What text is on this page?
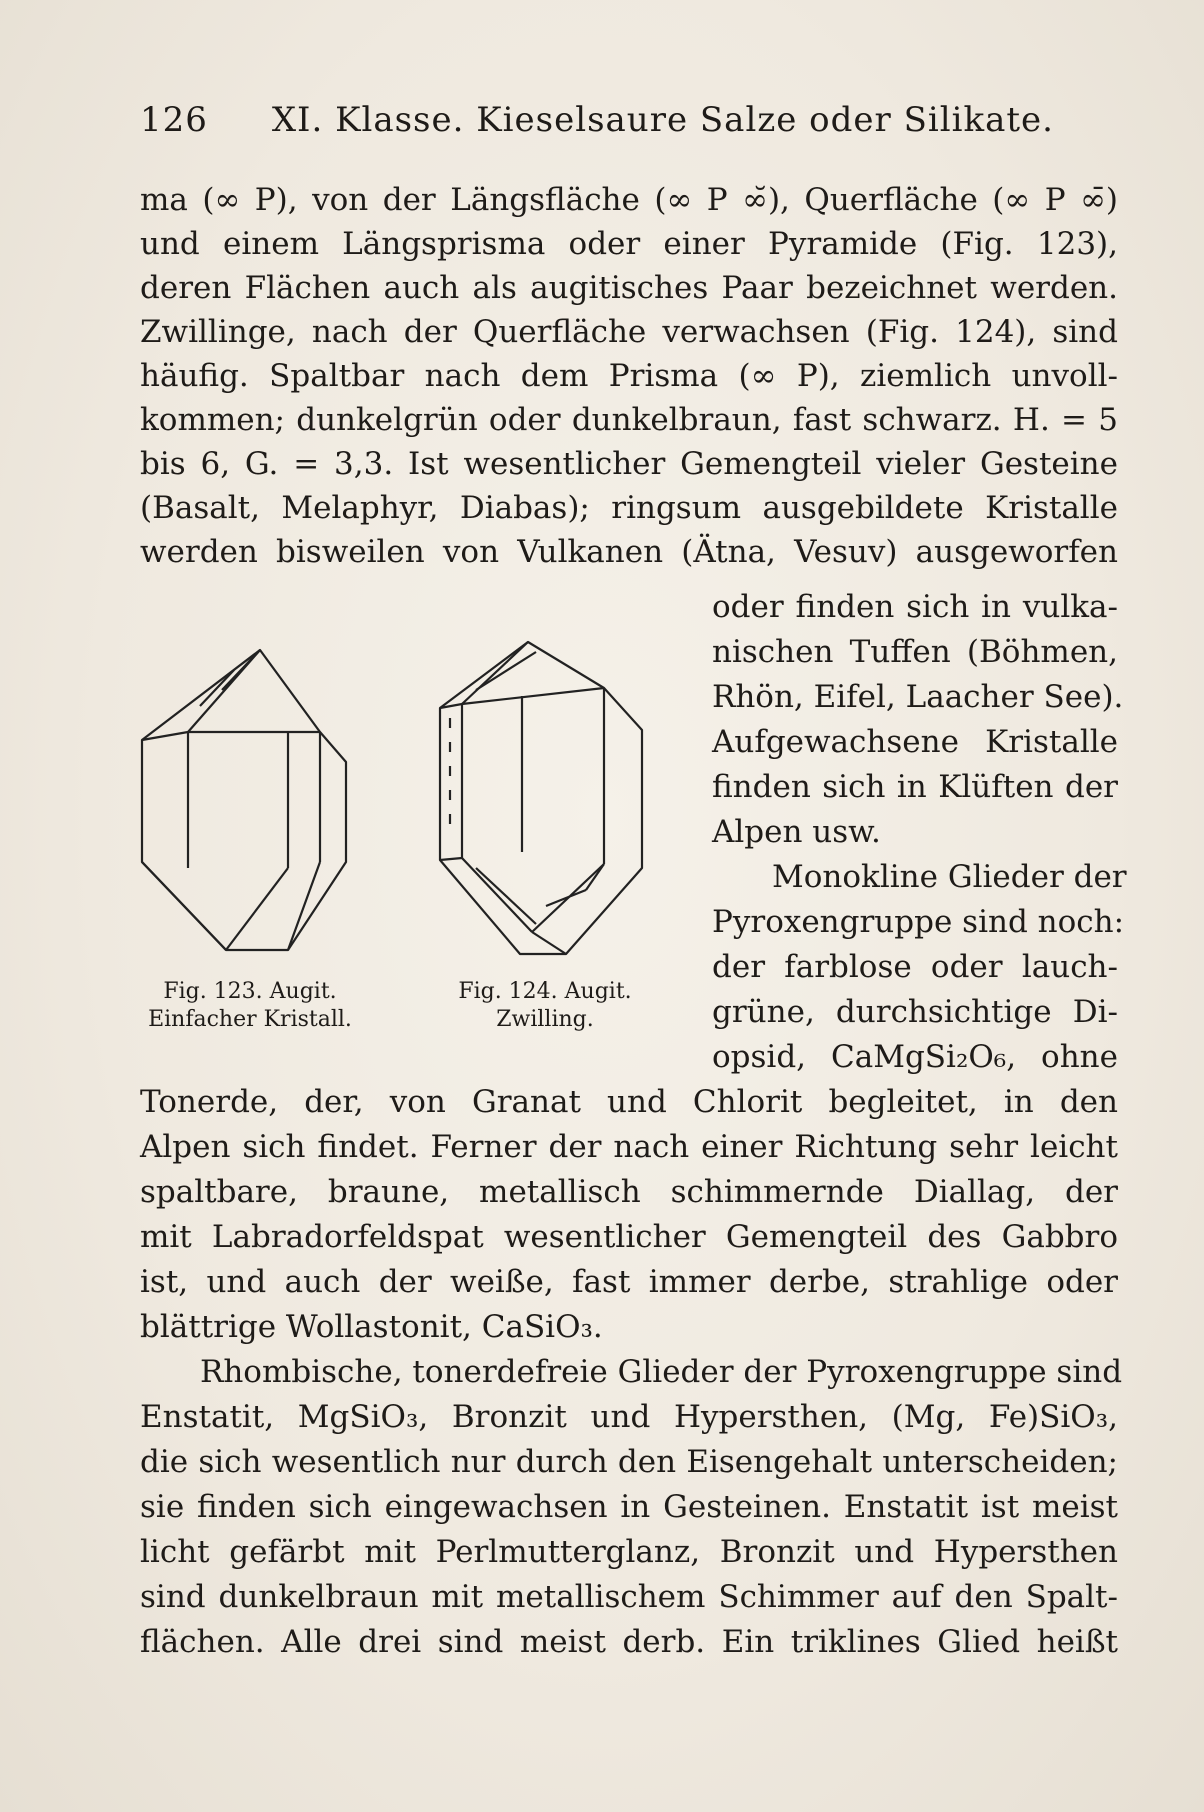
126 XI. Klasse. Kieselsaure Salze oder Silikate.
ma (∞ P), von der Längsfläche (∞ P ∞̆), Querfläche (∞ P ∞̄)
und einem Längsprisma oder einer Pyramide (Fig. 123),
deren Flächen auch als augitisches Paar bezeichnet werden.
Zwillinge, nach der Querfläche verwachsen (Fig. 124), sind
häufig. Spaltbar nach dem Prisma (∞ P), ziemlich unvoll-
kommen; dunkelgrün oder dunkelbraun, fast schwarz. H. = 5
bis 6, G. = 3,3. Ist wesentlicher Gemengteil vieler Gesteine
(Basalt, Melaphyr, Diabas); ringsum ausgebildete Kristalle
werden bisweilen von Vulkanen (Ätna, Vesuv) ausgeworfen
oder finden sich in vulka-
nischen Tuffen (Böhmen,
Rhön, Eifel, Laacher See).
Aufgewachsene Kristalle
finden sich in Klüften der
Alpen usw.
Monokline Glieder der
Pyroxengruppe sind noch:
der farblose oder lauch-
grüne, durchsichtige Di-
opsid, CaMgSi₂O₆, ohne
Tonerde, der, von Granat und Chlorit begleitet, in den
Alpen sich findet. Ferner der nach einer Richtung sehr leicht
spaltbare, braune, metallisch schimmernde Diallag, der
mit Labradorfeldspat wesentlicher Gemengteil des Gabbro
ist, und auch der weiße, fast immer derbe, strahlige oder
blättrige Wollastonit, CaSiO₃.
Rhombische, tonerdefreie Glieder der Pyroxengruppe sind
Enstatit, MgSiO₃, Bronzit und Hypersthen, (Mg, Fe)SiO₃,
die sich wesentlich nur durch den Eisengehalt unterscheiden;
sie finden sich eingewachsen in Gesteinen. Enstatit ist meist
licht gefärbt mit Perlmutterglanz, Bronzit und Hypersthen
sind dunkelbraun mit metallischem Schimmer auf den Spalt-
flächen. Alle drei sind meist derb. Ein triklines Glied heißt
Fig. 123. Augit.
Einfacher Kristall.
Fig. 124. Augit.
Zwilling.
